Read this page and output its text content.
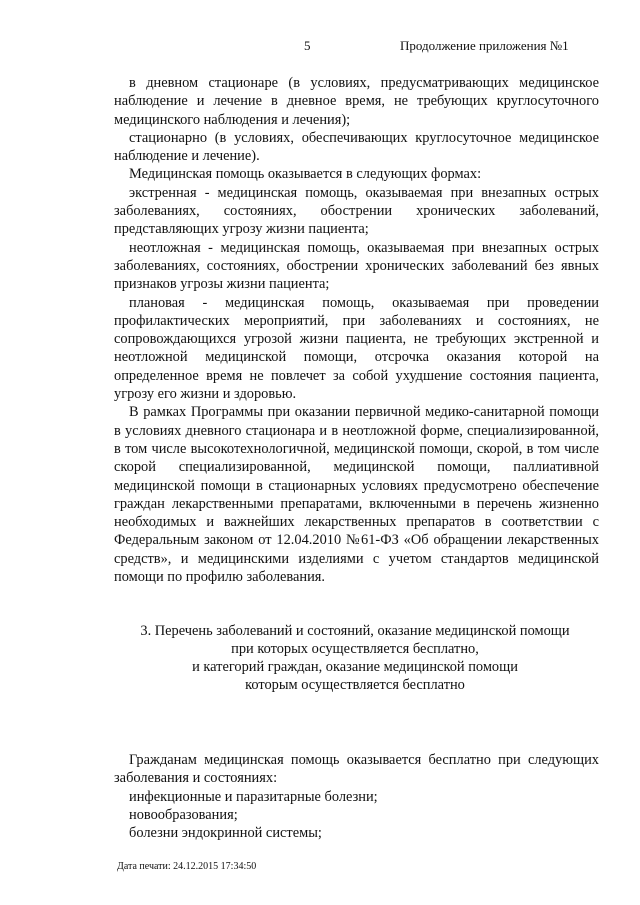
5	Продолжение приложения №1

в дневном стационаре (в условиях, предусматривающих медицинское наблюдение и лечение в дневное время, не требующих круглосуточного медицинского наблюдения и лечения);

стационарно (в условиях, обеспечивающих круглосуточное медицинское наблюдение и лечение).

Медицинская помощь оказывается в следующих формах:

экстренная - медицинская помощь, оказываемая при внезапных острых заболеваниях, состояниях, обострении хронических заболеваний, представляющих угрозу жизни пациента;

неотложная - медицинская помощь, оказываемая при внезапных острых заболеваниях, состояниях, обострении хронических заболеваний без явных признаков угрозы жизни пациента;

плановая - медицинская помощь, оказываемая при проведении профилактических мероприятий, при заболеваниях и состояниях, не сопровождающихся угрозой жизни пациента, не требующих экстренной и неотложной медицинской помощи, отсрочка оказания которой на определенное время не повлечет за собой ухудшение состояния пациента, угрозу его жизни и здоровью.

В рамках Программы при оказании первичной медико-санитарной помощи в условиях дневного стационара и в неотложной форме, специализированной, в том числе высокотехнологичной, медицинской помощи, скорой, в том числе скорой специализированной, медицинской помощи, паллиативной медицинской помощи в стационарных условиях предусмотрено обеспечение граждан лекарственными препаратами, включенными в перечень жизненно необходимых и важнейших лекарственных препаратов в соответствии с Федеральным законом от 12.04.2010 №61-ФЗ «Об обращении лекарственных средств», и медицинскими изделиями с учетом стандартов медицинской помощи по профилю заболевания.

3. Перечень заболеваний и состояний, оказание медицинской помощи
при которых осуществляется бесплатно,
и категорий граждан, оказание медицинской помощи
которым осуществляется бесплатно

Гражданам медицинская помощь оказывается бесплатно при следующих заболевания и состояниях:

инфекционные и паразитарные болезни;

новообразования;

болезни эндокринной системы;

Дата печати: 24.12.2015 17:34:50
